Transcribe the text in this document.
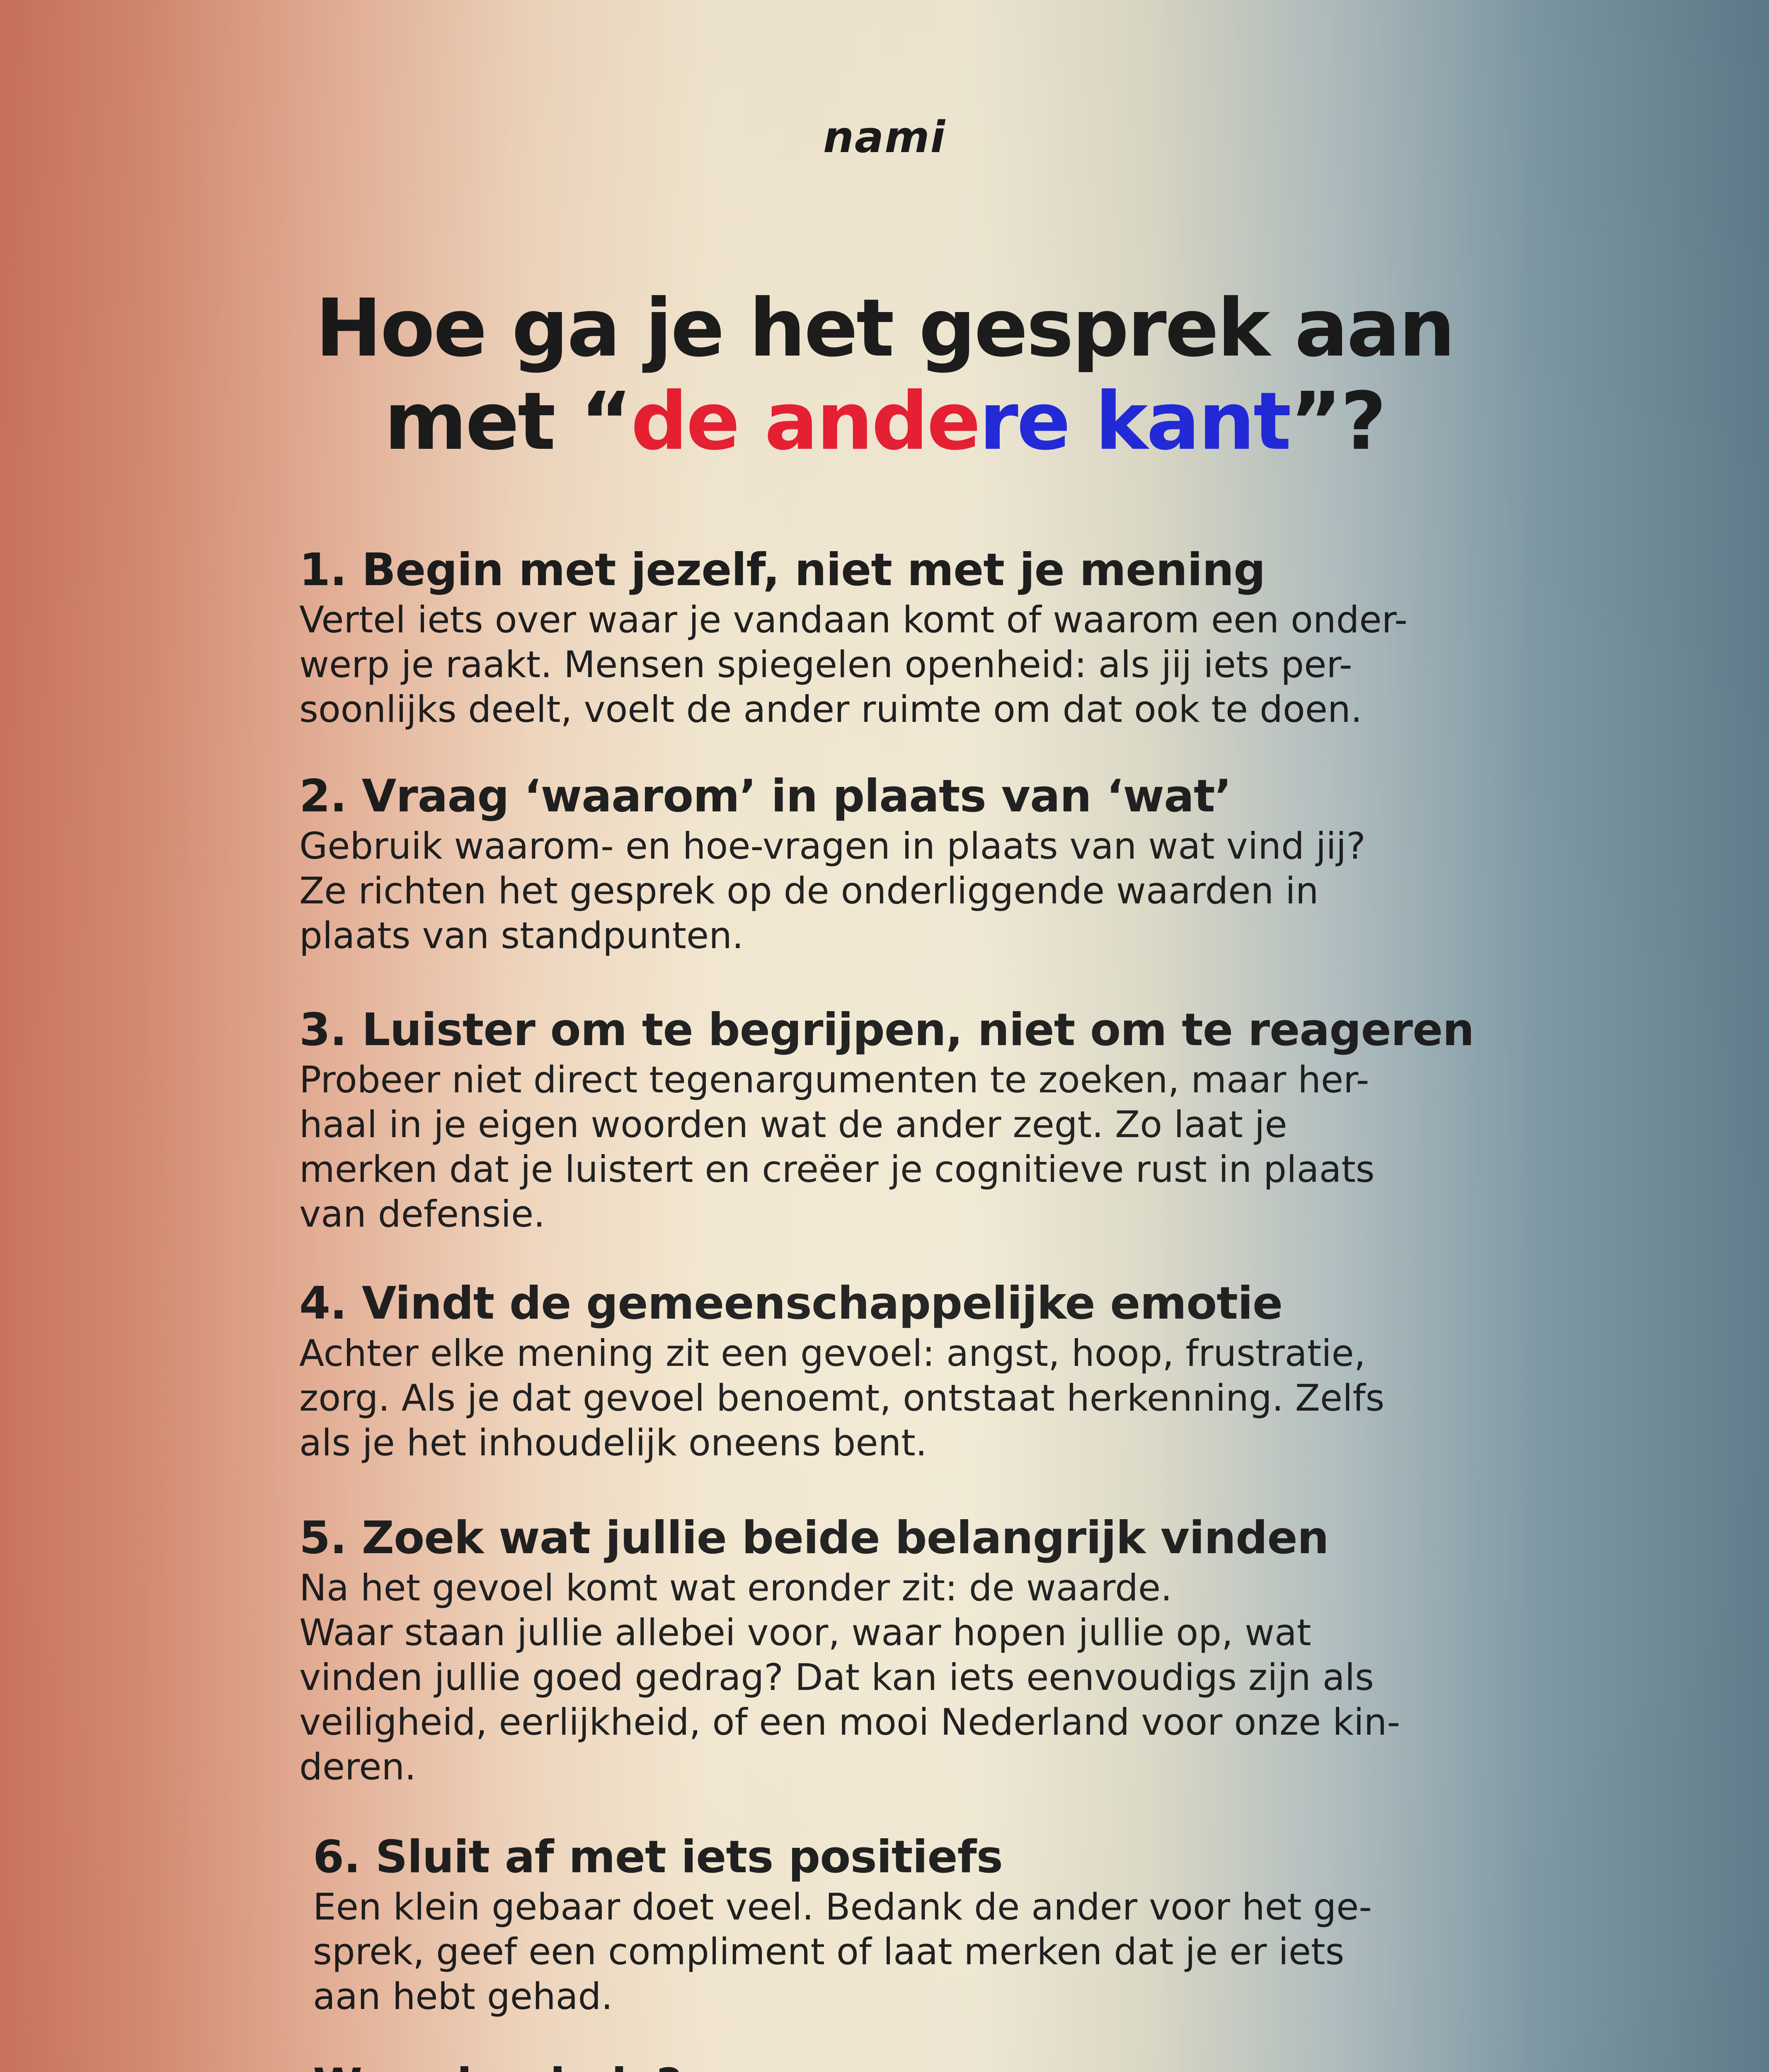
nami
Hoe ga je het gesprek aan
met “de andere kant”?
1. Begin met jezelf, niet met je mening
Vertel iets over waar je vandaan komt of waarom een onder-
werp je raakt. Mensen spiegelen openheid: als jij iets per-
soonlijks deelt, voelt de ander ruimte om dat ook te doen.
2. Vraag ‘waarom’ in plaats van ‘wat’
Gebruik waarom- en hoe-vragen in plaats van wat vind jij?
Ze richten het gesprek op de onderliggende waarden in
plaats van standpunten.
3. Luister om te begrijpen, niet om te reageren
Probeer niet direct tegenargumenten te zoeken, maar her-
haal in je eigen woorden wat de ander zegt. Zo laat je
merken dat je luistert en creëer je cognitieve rust in plaats
van defensie.
4. Vindt de gemeenschappelijke emotie
Achter elke mening zit een gevoel: angst, hoop, frustratie,
zorg. Als je dat gevoel benoemt, ontstaat herkenning. Zelfs
als je het inhoudelijk oneens bent.
5. Zoek wat jullie beide belangrijk vinden
Na het gevoel komt wat eronder zit: de waarde.
Waar staan jullie allebei voor, waar hopen jullie op, wat
vinden jullie goed gedrag? Dat kan iets eenvoudigs zijn als
veiligheid, eerlijkheid, of een mooi Nederland voor onze kin-
deren.
6. Sluit af met iets positiefs
Een klein gebaar doet veel. Bedank de ander voor het ge-
sprek, geef een compliment of laat merken dat je er iets
aan hebt gehad.
